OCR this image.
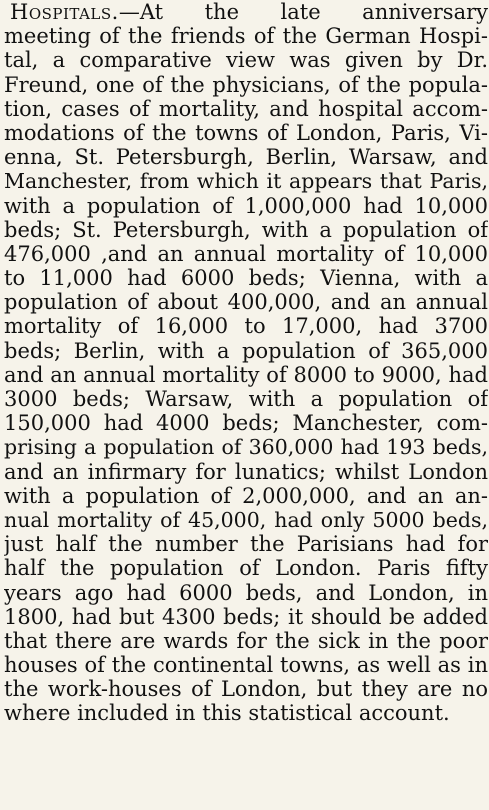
Hospitals.—At the late anniversary
meeting of the friends of the German Hospi-
tal, a comparative view was given by Dr.
Freund, one of the physicians, of the popula-
tion, cases of mortality, and hospital accom-
modations of the towns of London, Paris, Vi-
enna, St. Petersburgh, Berlin, Warsaw, and
Manchester, from which it appears that Paris,
with a population of 1,000,000 had 10,000
beds; St. Petersburgh, with a population of
476,000 ,and an annual mortality of 10,000
to 11,000 had 6000 beds; Vienna, with a
population of about 400,000, and an annual
mortality of 16,000 to 17,000, had 3700
beds; Berlin, with a population of 365,000
and an annual mortality of 8000 to 9000, had
3000 beds; Warsaw, with a population of
150,000 had 4000 beds; Manchester, com-
prising a population of 360,000 had 193 beds,
and an infirmary for lunatics; whilst London
with a population of 2,000,000, and an an-
nual mortality of 45,000, had only 5000 beds,
just half the number the Parisians had for
half the population of London. Paris fifty
years ago had 6000 beds, and London, in
1800, had but 4300 beds; it should be added
that there are wards for the sick in the poor
houses of the continental towns, as well as in
the work-houses of London, but they are no
where included in this statistical account.
